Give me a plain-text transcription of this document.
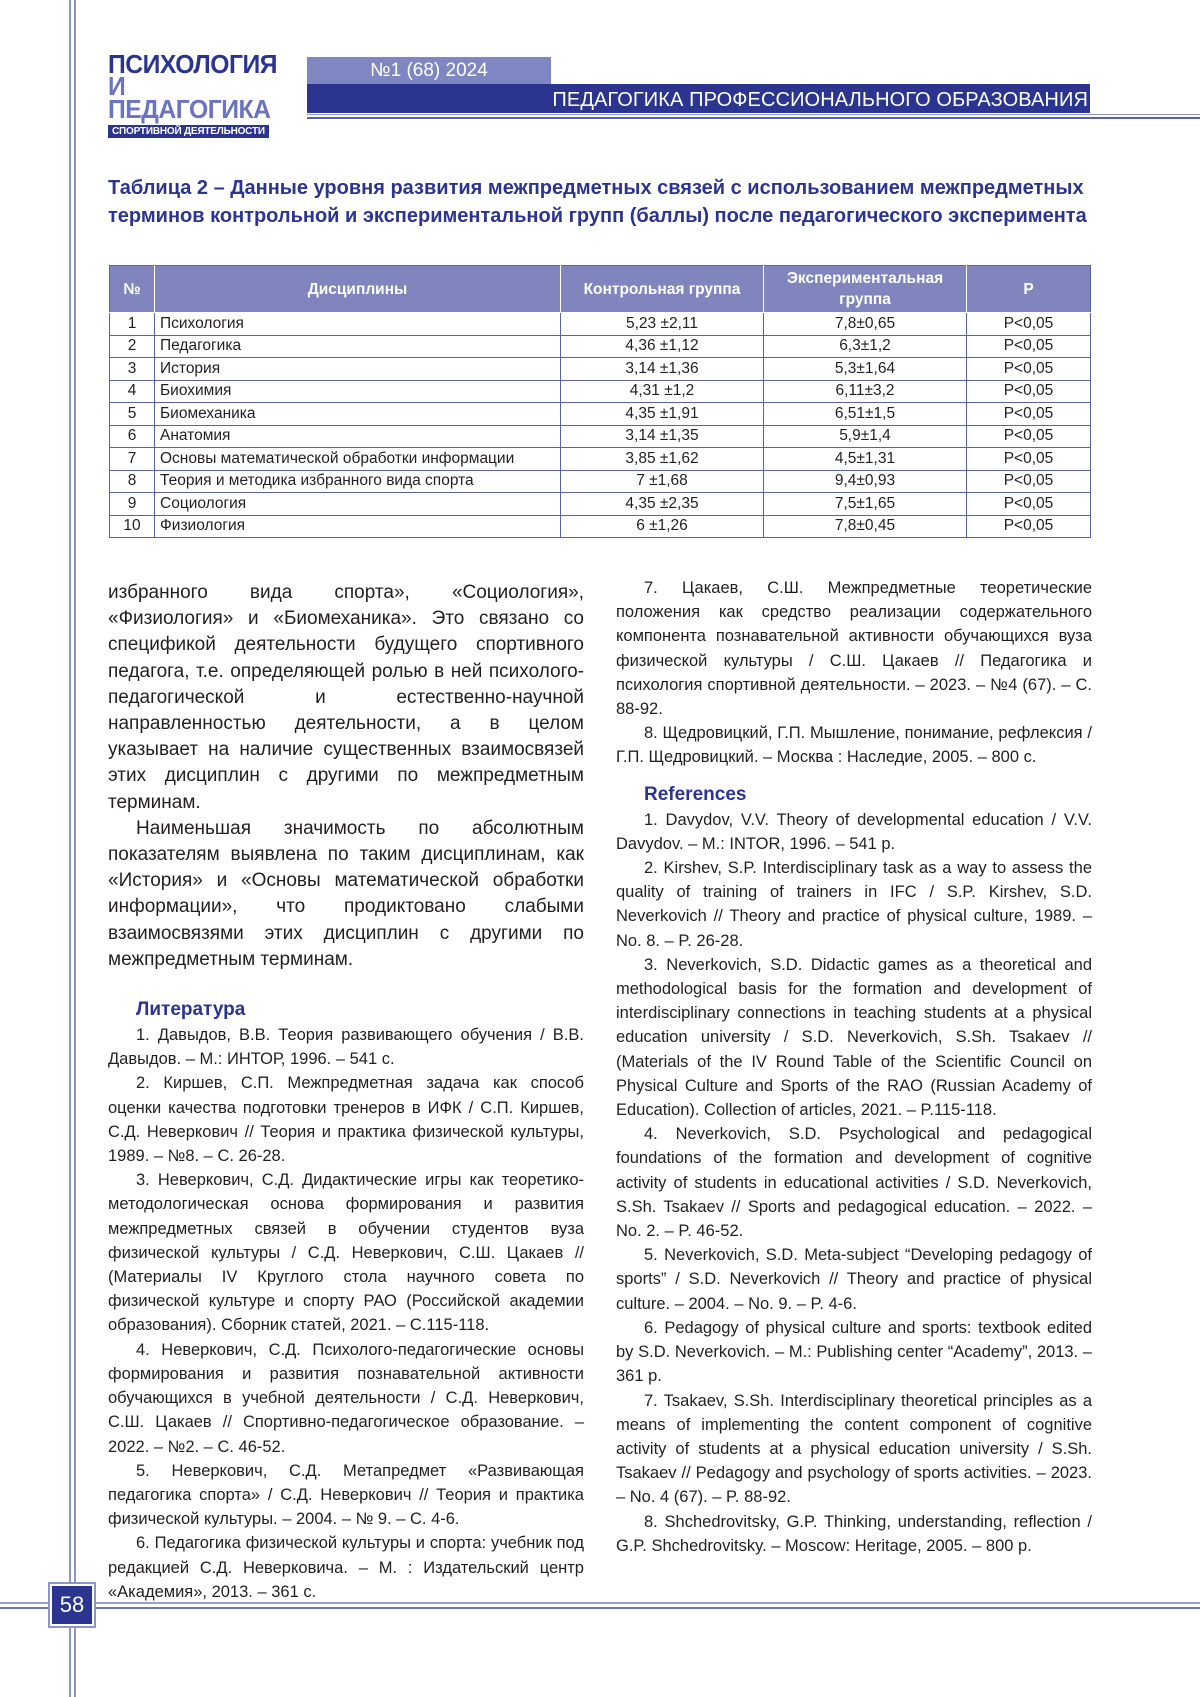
ПСИХОЛОГИЯ
И ПЕДАГОГИКА
СПОРТИВНОЙ ДЕЯТЕЛЬНОСТИ
№1 (68) 2024
ПЕДАГОГИКА ПРОФЕССИОНАЛЬНОГО ОБРАЗОВАНИЯ
Таблица 2 – Данные уровня развития межпредметных связей с использованием межпредметных терминов контрольной и экспериментальной групп (баллы) после педагогического эксперимента
№	Дисциплины	Контрольная группа	Экспериментальная группа	P
1	Психология	5,23 ±2,11	7,8±0,65	P<0,05
2	Педагогика	4,36 ±1,12	6,3±1,2	P<0,05
3	История	3,14 ±1,36	5,3±1,64	P<0,05
4	Биохимия	4,31 ±1,2	6,11±3,2	P<0,05
5	Биомеханика	4,35 ±1,91	6,51±1,5	P<0,05
6	Анатомия	3,14 ±1,35	5,9±1,4	P<0,05
7	Основы математической обработки информации	3,85 ±1,62	4,5±1,31	P<0,05
8	Теория и методика избранного вида спорта	7 ±1,68	9,4±0,93	P<0,05
9	Социология	4,35 ±2,35	7,5±1,65	P<0,05
10	Физиология	6 ±1,26	7,8±0,45	P<0,05

избранного вида спорта», «Социология», «Физиология» и «Биомеханика». Это связано со спецификой деятельности будущего спортивного педагога, т.е. определяющей ролью в ней психолого-педагогической и естественно-научной направленностью деятельности, а в целом указывает на наличие существенных взаимосвязей этих дисциплин с другими по межпредметным терминам.

Наименьшая значимость по абсолютным показателям выявлена по таким дисциплинам, как «История» и «Основы математической обработки информации», что продиктовано слабыми взаимосвязями этих дисциплин с другими по межпредметным терминам.

Литература

1. Давыдов, В.В. Теория развивающего обучения / В.В. Давыдов. – М.: ИНТОР, 1996. – 541 с.

2. Киршев, С.П. Межпредметная задача как способ оценки качества подготовки тренеров в ИФК / С.П. Киршев, С.Д. Неверкович // Теория и практика физической культуры, 1989. – №8. – С. 26-28.

3. Неверкович, С.Д. Дидактические игры как теоретико-методологическая основа формирования и развития межпредметных связей в обучении студентов вуза физической культуры / С.Д. Неверкович, С.Ш. Цакаев // (Материалы IV Круглого стола научного совета по физической культуре и спорту РАО (Российской академии образования). Сборник статей, 2021. – С.115-118.

4. Неверкович, С.Д. Психолого-педагогические основы формирования и развития познавательной активности обучающихся в учебной деятельности / С.Д. Неверкович, С.Ш. Цакаев // Спортивно-педагогическое образование. – 2022. – №2. – С. 46-52.

5. Неверкович, С.Д. Метапредмет «Развивающая педагогика спорта» / С.Д. Неверкович // Теория и практика физической культуры. – 2004. – № 9. – С. 4-6.

6. Педагогика физической культуры и спорта: учебник под редакцией С.Д. Неверковича. – М. : Издательский центр «Академия», 2013. – 361 с.

7. Цакаев, С.Ш. Межпредметные теоретические положения как средство реализации содержательного компонента познавательной активности обучающихся вуза физической культуры / С.Ш. Цакаев // Педагогика и психология спортивной деятельности. – 2023. – №4 (67). – С. 88-92.

8. Щедровицкий, Г.П. Мышление, понимание, рефлексия / Г.П. Щедровицкий. – Москва : Наследие, 2005. – 800 с.

References

1. Davydov, V.V. Theory of developmental education / V.V. Davydov. – M.: INTOR, 1996. – 541 p.

2. Kirshev, S.P. Interdisciplinary task as a way to assess the quality of training of trainers in IFC / S.P. Kirshev, S.D. Neverkovich // Theory and practice of physical culture, 1989. – No. 8. – P. 26-28.

3. Neverkovich, S.D. Didactic games as a theoretical and methodological basis for the formation and development of interdisciplinary connections in teaching students at a physical education university / S.D. Neverkovich, S.Sh. Tsakaev // (Materials of the IV Round Table of the Scientific Council on Physical Culture and Sports of the RAO (Russian Academy of Education). Collection of articles, 2021. – P.115-118.

4. Neverkovich, S.D. Psychological and pedagogical foundations of the formation and development of cognitive activity of students in educational activities / S.D. Neverkovich, S.Sh. Tsakaev // Sports and pedagogical education. – 2022. – No. 2. – P. 46-52.

5. Neverkovich, S.D. Meta-subject “Developing pedagogy of sports” / S.D. Neverkovich // Theory and practice of physical culture. – 2004. – No. 9. – P. 4-6.

6. Pedagogy of physical culture and sports: textbook edited by S.D. Neverkovich. – M.: Publishing center “Academy”, 2013. – 361 p.

7. Tsakaev, S.Sh. Interdisciplinary theoretical principles as a means of implementing the content component of cognitive activity of students at a physical education university / S.Sh. Tsakaev // Pedagogy and psychology of sports activities. – 2023. – No. 4 (67). – P. 88-92.

8. Shchedrovitsky, G.P. Thinking, understanding, reflection / G.P. Shchedrovitsky. – Moscow: Heritage, 2005. – 800 p.

58
